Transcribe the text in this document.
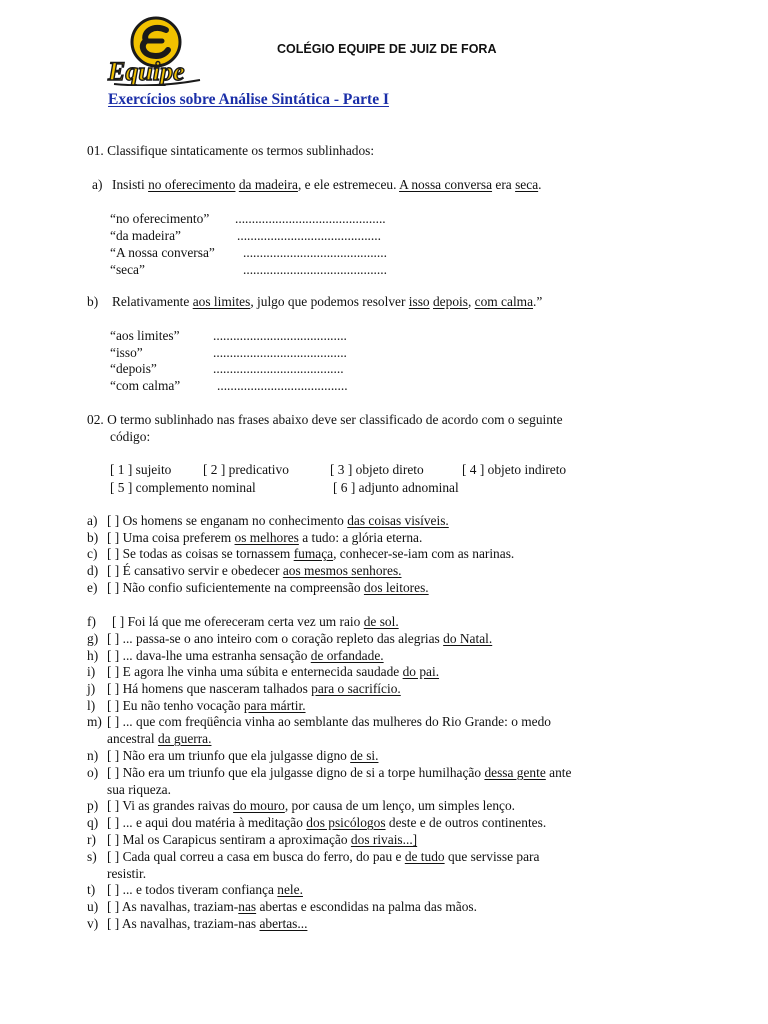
Equipe
COLÉGIO EQUIPE DE JUIZ DE FORA
Exercícios sobre Análise Sintática - Parte I
01. Classifique sintaticamente os termos sublinhados:
a) Insisti no oferecimento da madeira, e ele estremeceu. A nossa conversa era seca.
“no oferecimento” .............................................
“da madeira”	...........................................
“A nossa conversa” ...........................................
“seca”	...........................................
b) Relativamente aos limites, julgo que podemos resolver isso depois, com calma.”
“aos limites” ........................................
“isso”	........................................
“depois”	.......................................
“com calma”	.......................................
02. O termo sublinhado nas frases abaixo deve ser classificado de acordo com o seguinte
código:
[ 1 ] sujeito [ 2 ] predicativo	[ 3 ] objeto direto	[ 4 ] objeto indireto
[ 5 ] complemento nominal	[ 6 ] adjunto adnominal
a) [ ] Os homens se enganam no conhecimento das coisas visíveis.
b) [ ] Uma coisa preferem os melhores a tudo: a glória eterna.
c) [ ] Se todas as coisas se tornassem fumaça, conhecer-se-iam com as narinas.
d) [ ] É cansativo servir e obedecer aos mesmos senhores.
e) [ ] Não confio suficientemente na compreensão dos leitores.
f) [ ] Foi lá que me ofereceram certa vez um raio de sol.
g) [ ] ... passa-se o ano inteiro com o coração repleto das alegrias do Natal.
h) [ ] ... dava-lhe uma estranha sensação de orfandade.
i) [ ] E agora lhe vinha uma súbita e enternecida saudade do pai.
j) [ ] Há homens que nasceram talhados para o sacrifício.
l) [ ] Eu não tenho vocação para mártir.
m) [ ] ... que com freqüência vinha ao semblante das mulheres do Rio Grande: o medo
ancestral da guerra.
n) [ ] Não era um triunfo que ela julgasse digno de si.
o) [ ] Não era um triunfo que ela julgasse digno de si a torpe humilhação dessa gente ante
sua riqueza.
p) [ ] Vi as grandes raivas do mouro, por causa de um lenço, um simples lenço.
q) [ ] ... e aqui dou matéria à meditação dos psicólogos deste e de outros continentes.
r) [ ] Mal os Carapicus sentiram a aproximação dos rivais...]
s) [ ] Cada qual correu a casa em busca do ferro, do pau e de tudo que servisse para
resistir.
t) [ ] ... e todos tiveram confiança nele.
u) [ ] As navalhas, traziam-nas abertas e escondidas na palma das mãos.
v) [ ] As navalhas, traziam-nas abertas...
